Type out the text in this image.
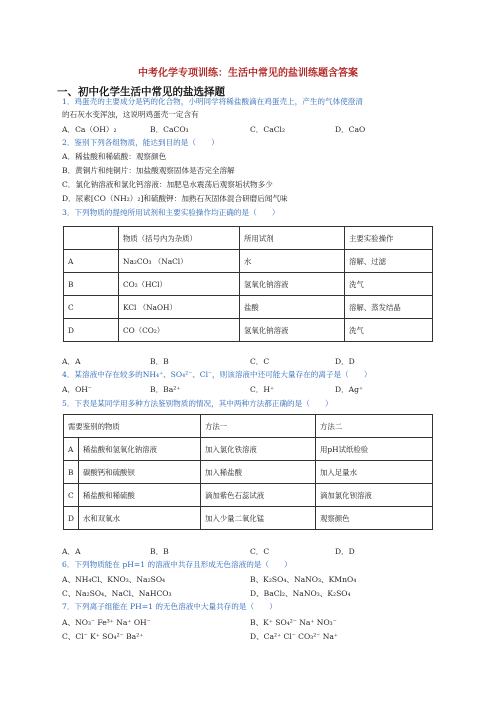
中考化学专项训练：生活中常见的盐训练题含答案
一、初中化学生活中常见的盐选择题
1．鸡蛋壳的主要成分是钙的化合物，小明同学将稀盐酸滴在鸡蛋壳上，产生的气体使澄清
的石灰水变浑浊，这说明鸡蛋壳一定含有
A．Ca（OH）₂	B．CaCO₃	C．CaCl₂	D．CaO
2．鉴别下列各组物质，能达到目的是（　　）
A．稀盐酸和稀硫酸：观察颜色
B．黄铜片和纯铜片：加盐酸观察固体是否完全溶解
C．氯化钠溶液和氯化钙溶液：加肥皂水震荡后观察垢状物多少
D．尿素[CO（NH₂）₂]和硫酸钾：加熟石灰固体混合研磨后闻气味
3．下列物质的提纯所用试剂和主要实验操作均正确的是（　　）
	物质（括号内为杂质）	所用试剂	主要实验操作
A	Na₂CO₃ （NaCl）	水	溶解、过滤
B	CO₂（HCl）	氢氧化钠溶液	洗气
C	KCl （NaOH）	盐酸	溶解、蒸发结晶
D	CO（CO₂）	氢氧化钠溶液	洗气
A．A	B．B	C．C	D．D
4．某溶液中存在较多的NH₄⁺、SO₄²⁻、Cl⁻，则该溶液中还可能大量存在的离子是（　　）
A．OH⁻	B．Ba²⁺	C．H⁺	D．Ag⁺
5．下表是某同学用多种方法鉴别物质的情况，其中两种方法都正确的是（　　）
需要鉴别的物质		方法一	方法二
A	稀盐酸和氢氧化钠溶液	加入氯化铁溶液	用pH试纸检验
B	碳酸钙和硫酸钡	加入稀盐酸	加入足量水
C	稀盐酸和稀硫酸	滴加紫色石蕊试液	滴加氯化钡溶液
D	水和双氧水	加入少量二氧化锰	观察颜色
A．A	B．B	C．C	D．D
6．下列物质能在 pH=1 的溶液中共存且形成无色溶液的是（　　）
A、NH₄Cl、KNO₃、Na₂SO₄	B、K₂SO₄、NaNO₃、KMnO₄
C、Na₂SO₄、NaCl、NaHCO₃	D、BaCl₂、NaNO₃、K₂SO₄
7．下列离子组能在 PH=1 的无色溶液中大量共存的是（　　）
A、NO₃⁻ Fe³⁺ Na⁺ OH⁻	B、K⁺ SO₄²⁻ Na⁺ NO₃⁻
C、Cl⁻ K⁺ SO₄²⁻ Ba²⁺	D、Ca²⁺ Cl⁻ CO₃²⁻ Na⁺
